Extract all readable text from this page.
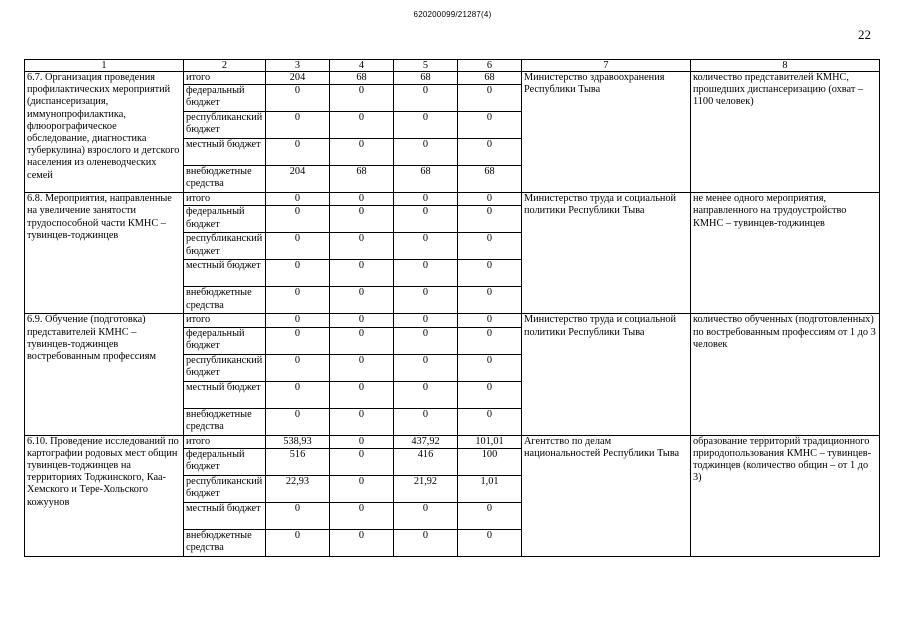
620200099/21287(4)
22
1	2	3	4	5	6	7	8
6.7. Организация проведения профилактических мероприятий (диспансеризация, иммунопрофилактика, флюорографическое обследование, диагностика туберкулина) взрослого и детского населения из оленеводческих семей	итого	204	68	68	68	Министерство здравоохранения Республики Тыва	количество представителей КМНС, прошедших диспансеризацию (охват – 1100 человек)
	федеральный бюджет	0	0	0	0		
	республиканский бюджет	0	0	0	0		
	местный бюджет	0	0	0	0		
	внебюджетные средства	204	68	68	68		
6.8. Мероприятия, направленные на увеличение занятости трудоспособной части КМНС – тувинцев-тоджинцев	итого	0	0	0	0	Министерство труда и социальной политики Республики Тыва	не менее одного мероприятия, направленного на трудоустройство КМНС – тувинцев-тоджинцев
	федеральный бюджет	0	0	0	0		
	республиканский бюджет	0	0	0	0		
	местный бюджет	0	0	0	0		
	внебюджетные средства	0	0	0	0		
6.9. Обучение (подготовка) представителей КМНС – тувинцев-тоджинцев востребованным профессиям	итого	0	0	0	0	Министерство труда и социальной политики Республики Тыва	количество обученных (подготовленных) по востребованным профессиям от 1 до 3 человек
	федеральный бюджет	0	0	0	0		
	республиканский бюджет	0	0	0	0		
	местный бюджет	0	0	0	0		
	внебюджетные средства	0	0	0	0		
6.10. Проведение исследований по картографии родовых мест общин тувинцев-тоджинцев на территориях Тоджинского, Каа-Хемского и Тере-Хольского кожуунов	итого	538,93	0	437,92	101,01	Агентство по делам национальностей Республики Тыва	образование территорий традиционного природопользования КМНС – тувинцев-тоджинцев (количество общин – от 1 до 3)
	федеральный бюджет	516	0	416	100		
	республиканский бюджет	22,93	0	21,92	1,01		
	местный бюджет	0	0	0	0		
	внебюджетные средства	0	0	0	0		
